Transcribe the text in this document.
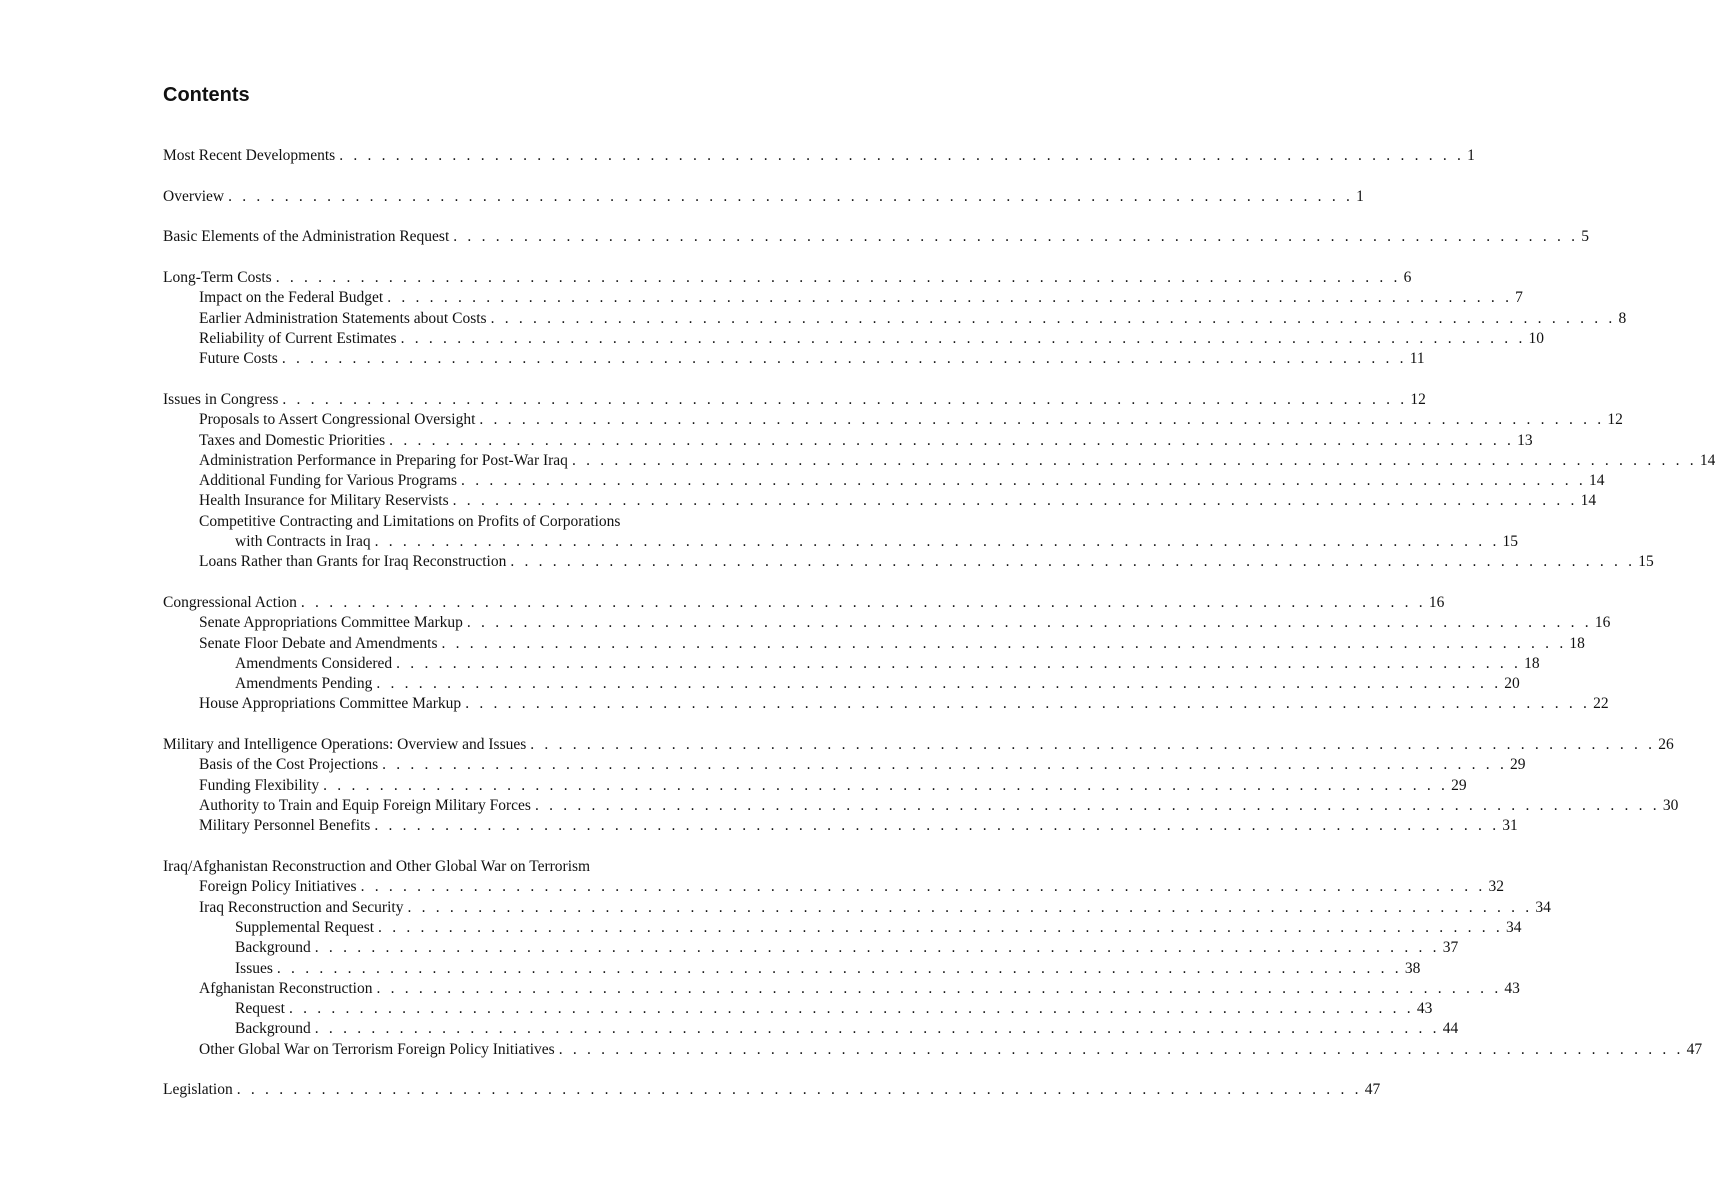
Contents
Most Recent Developments . . . . . . . . . . . . . . . . . . . . . . . . . . . . . . . . . . . . . . . . . . . . . . . . . . . . . . . . . . . . . . . . . . . . . . . . . . . . . . . . 1
Overview . . . . . . . . . . . . . . . . . . . . . . . . . . . . . . . . . . . . . . . . . . . . . . . . . . . . . . . . . . . . . . . . . . . . . . . . . . . . . . . . 1
Basic Elements of the Administration Request . . . . . . . . . . . . . . . . . . . . . . . . . . . . . . . . . . . . . . . . . . . . . . . . . . . . . . . . . . . . . . . . . . . . . . . . . . . . . . . . 5
Long-Term Costs . . . . . . . . . . . . . . . . . . . . . . . . . . . . . . . . . . . . . . . . . . . . . . . . . . . . . . . . . . . . . . . . . . . . . . . . . . . . . . . . 6
Impact on the Federal Budget . . . . . . . . . . . . . . . . . . . . . . . . . . . . . . . . . . . . . . . . . . . . . . . . . . . . . . . . . . . . . . . . . . . . . . . . . . . . . . . . 7
Earlier Administration Statements about Costs . . . . . . . . . . . . . . . . . . . . . . . . . . . . . . . . . . . . . . . . . . . . . . . . . . . . . . . . . . . . . . . . . . . . . . . . . . . . . . . . 8
Reliability of Current Estimates . . . . . . . . . . . . . . . . . . . . . . . . . . . . . . . . . . . . . . . . . . . . . . . . . . . . . . . . . . . . . . . . . . . . . . . . . . . . . . . . 10
Future Costs . . . . . . . . . . . . . . . . . . . . . . . . . . . . . . . . . . . . . . . . . . . . . . . . . . . . . . . . . . . . . . . . . . . . . . . . . . . . . . . . 11
Issues in Congress . . . . . . . . . . . . . . . . . . . . . . . . . . . . . . . . . . . . . . . . . . . . . . . . . . . . . . . . . . . . . . . . . . . . . . . . . . . . . . . . 12
Proposals to Assert Congressional Oversight . . . . . . . . . . . . . . . . . . . . . . . . . . . . . . . . . . . . . . . . . . . . . . . . . . . . . . . . . . . . . . . . . . . . . . . . . . . . . . . . 12
Taxes and Domestic Priorities . . . . . . . . . . . . . . . . . . . . . . . . . . . . . . . . . . . . . . . . . . . . . . . . . . . . . . . . . . . . . . . . . . . . . . . . . . . . . . . . 13
Administration Performance in Preparing for Post-War Iraq . . . . . . . . . . . . . . . . . . . . . . . . . . . . . . . . . . . . . . . . . . . . . . . . . . . . . . . . . . . . . . . . . . . . . . . . . . . . . . . . 14
Additional Funding for Various Programs . . . . . . . . . . . . . . . . . . . . . . . . . . . . . . . . . . . . . . . . . . . . . . . . . . . . . . . . . . . . . . . . . . . . . . . . . . . . . . . . 14
Health Insurance for Military Reservists . . . . . . . . . . . . . . . . . . . . . . . . . . . . . . . . . . . . . . . . . . . . . . . . . . . . . . . . . . . . . . . . . . . . . . . . . . . . . . . . 14
Competitive Contracting and Limitations on Profits of Corporations
with Contracts in Iraq . . . . . . . . . . . . . . . . . . . . . . . . . . . . . . . . . . . . . . . . . . . . . . . . . . . . . . . . . . . . . . . . . . . . . . . . . . . . . . . . 15
Loans Rather than Grants for Iraq Reconstruction . . . . . . . . . . . . . . . . . . . . . . . . . . . . . . . . . . . . . . . . . . . . . . . . . . . . . . . . . . . . . . . . . . . . . . . . . . . . . . . . 15
Congressional Action . . . . . . . . . . . . . . . . . . . . . . . . . . . . . . . . . . . . . . . . . . . . . . . . . . . . . . . . . . . . . . . . . . . . . . . . . . . . . . . . 16
Senate Appropriations Committee Markup . . . . . . . . . . . . . . . . . . . . . . . . . . . . . . . . . . . . . . . . . . . . . . . . . . . . . . . . . . . . . . . . . . . . . . . . . . . . . . . . 16
Senate Floor Debate and Amendments . . . . . . . . . . . . . . . . . . . . . . . . . . . . . . . . . . . . . . . . . . . . . . . . . . . . . . . . . . . . . . . . . . . . . . . . . . . . . . . . 18
Amendments Considered . . . . . . . . . . . . . . . . . . . . . . . . . . . . . . . . . . . . . . . . . . . . . . . . . . . . . . . . . . . . . . . . . . . . . . . . . . . . . . . . 18
Amendments Pending . . . . . . . . . . . . . . . . . . . . . . . . . . . . . . . . . . . . . . . . . . . . . . . . . . . . . . . . . . . . . . . . . . . . . . . . . . . . . . . . 20
House Appropriations Committee Markup . . . . . . . . . . . . . . . . . . . . . . . . . . . . . . . . . . . . . . . . . . . . . . . . . . . . . . . . . . . . . . . . . . . . . . . . . . . . . . . . 22
Military and Intelligence Operations: Overview and Issues . . . . . . . . . . . . . . . . . . . . . . . . . . . . . . . . . . . . . . . . . . . . . . . . . . . . . . . . . . . . . . . . . . . . . . . . . . . . . . . . 26
Basis of the Cost Projections . . . . . . . . . . . . . . . . . . . . . . . . . . . . . . . . . . . . . . . . . . . . . . . . . . . . . . . . . . . . . . . . . . . . . . . . . . . . . . . . 29
Funding Flexibility . . . . . . . . . . . . . . . . . . . . . . . . . . . . . . . . . . . . . . . . . . . . . . . . . . . . . . . . . . . . . . . . . . . . . . . . . . . . . . . . 29
Authority to Train and Equip Foreign Military Forces . . . . . . . . . . . . . . . . . . . . . . . . . . . . . . . . . . . . . . . . . . . . . . . . . . . . . . . . . . . . . . . . . . . . . . . . . . . . . . . . 30
Military Personnel Benefits . . . . . . . . . . . . . . . . . . . . . . . . . . . . . . . . . . . . . . . . . . . . . . . . . . . . . . . . . . . . . . . . . . . . . . . . . . . . . . . . 31
Iraq/Afghanistan Reconstruction and Other Global War on Terrorism
Foreign Policy Initiatives . . . . . . . . . . . . . . . . . . . . . . . . . . . . . . . . . . . . . . . . . . . . . . . . . . . . . . . . . . . . . . . . . . . . . . . . . . . . . . . . 32
Iraq Reconstruction and Security . . . . . . . . . . . . . . . . . . . . . . . . . . . . . . . . . . . . . . . . . . . . . . . . . . . . . . . . . . . . . . . . . . . . . . . . . . . . . . . . 34
Supplemental Request . . . . . . . . . . . . . . . . . . . . . . . . . . . . . . . . . . . . . . . . . . . . . . . . . . . . . . . . . . . . . . . . . . . . . . . . . . . . . . . . 34
Background . . . . . . . . . . . . . . . . . . . . . . . . . . . . . . . . . . . . . . . . . . . . . . . . . . . . . . . . . . . . . . . . . . . . . . . . . . . . . . . . 37
Issues . . . . . . . . . . . . . . . . . . . . . . . . . . . . . . . . . . . . . . . . . . . . . . . . . . . . . . . . . . . . . . . . . . . . . . . . . . . . . . . . 38
Afghanistan Reconstruction . . . . . . . . . . . . . . . . . . . . . . . . . . . . . . . . . . . . . . . . . . . . . . . . . . . . . . . . . . . . . . . . . . . . . . . . . . . . . . . . 43
Request . . . . . . . . . . . . . . . . . . . . . . . . . . . . . . . . . . . . . . . . . . . . . . . . . . . . . . . . . . . . . . . . . . . . . . . . . . . . . . . . 43
Background . . . . . . . . . . . . . . . . . . . . . . . . . . . . . . . . . . . . . . . . . . . . . . . . . . . . . . . . . . . . . . . . . . . . . . . . . . . . . . . . 44
Other Global War on Terrorism Foreign Policy Initiatives . . . . . . . . . . . . . . . . . . . . . . . . . . . . . . . . . . . . . . . . . . . . . . . . . . . . . . . . . . . . . . . . . . . . . . . . . . . . . . . . 47
Legislation . . . . . . . . . . . . . . . . . . . . . . . . . . . . . . . . . . . . . . . . . . . . . . . . . . . . . . . . . . . . . . . . . . . . . . . . . . . . . . . . 47
